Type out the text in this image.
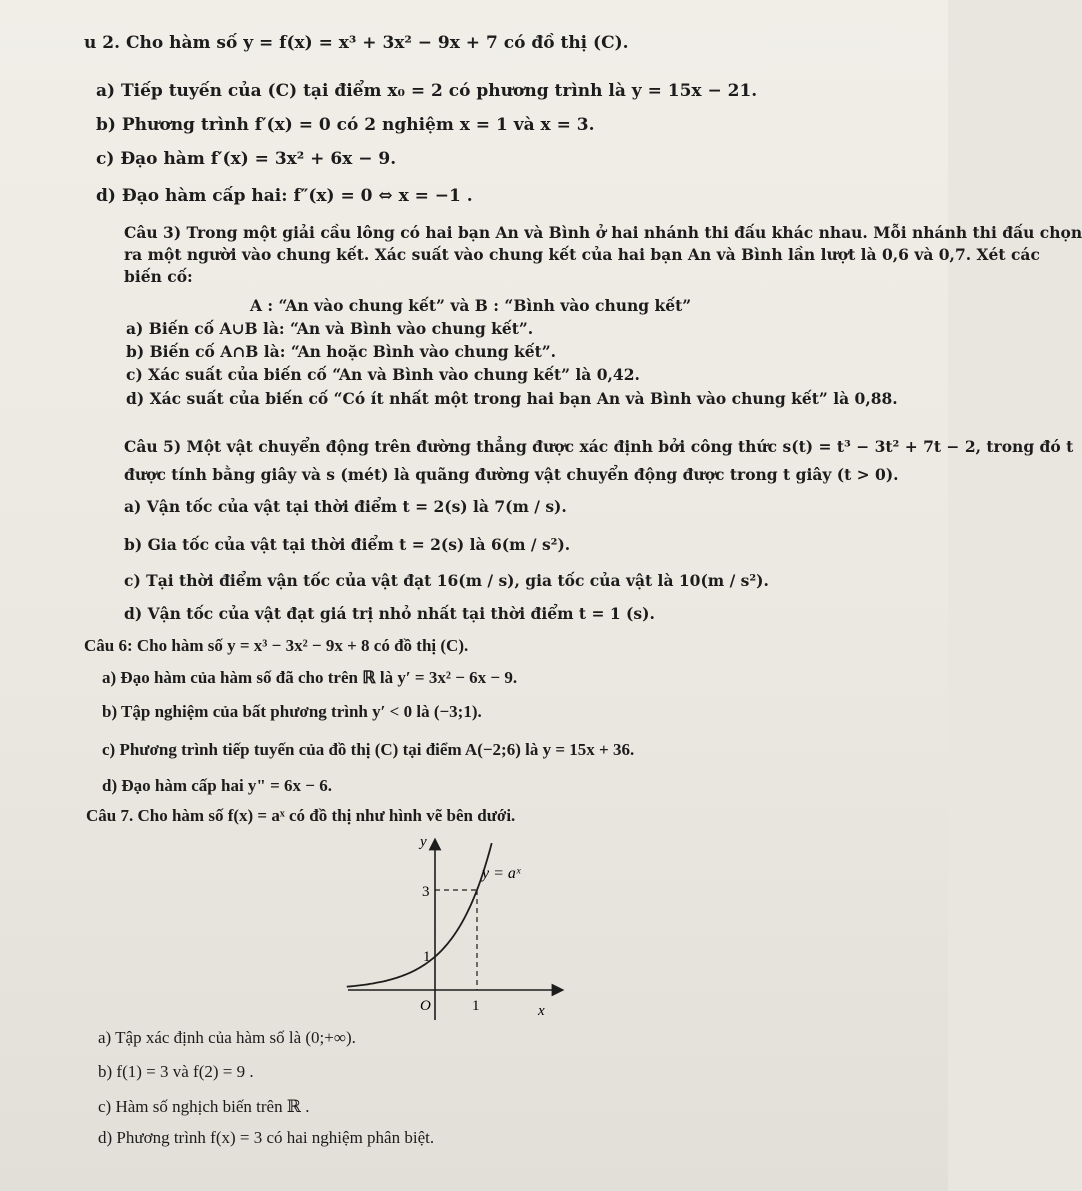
u 2. Cho hàm số y = f(x) = x³ + 3x² − 9x + 7 có đồ thị (C).
a) Tiếp tuyến của (C) tại điểm x₀ = 2 có phương trình là y = 15x − 21.
b) Phương trình f′(x) = 0 có 2 nghiệm x = 1 và x = 3.
c) Đạo hàm f′(x) = 3x² + 6x − 9.
d) Đạo hàm cấp hai: f″(x) = 0 ⇔ x = −1 .
Câu 3) Trong một giải cầu lông có hai bạn An và Bình ở hai nhánh thi đấu khác nhau. Mỗi nhánh thi đấu chọn
ra một người vào chung kết. Xác suất vào chung kết của hai bạn An và Bình lần lượt là 0,6 và 0,7. Xét các
biến cố:
A : “An vào chung kết” và B : “Bình vào chung kết”
a) Biến cố A∪B là: “An và Bình vào chung kết”.
b) Biến cố A∩B là: “An hoặc Bình vào chung kết”.
c) Xác suất của biến cố “An và Bình vào chung kết” là 0,42.
d) Xác suất của biến cố “Có ít nhất một trong hai bạn An và Bình vào chung kết” là 0,88.
Câu 5) Một vật chuyển động trên đường thẳng được xác định bởi công thức s(t) = t³ − 3t² + 7t − 2, trong đó t
được tính bằng giây và s (mét) là quãng đường vật chuyển động được trong t giây (t > 0).
a) Vận tốc của vật tại thời điểm t = 2(s) là 7(m / s).
b) Gia tốc của vật tại thời điểm t = 2(s) là 6(m / s²).
c) Tại thời điểm vận tốc của vật đạt 16(m / s), gia tốc của vật là 10(m / s²).
d) Vận tốc của vật đạt giá trị nhỏ nhất tại thời điểm t = 1 (s).
Câu 6: Cho hàm số y = x³ − 3x² − 9x + 8 có đồ thị (C).
a) Đạo hàm của hàm số đã cho trên ℝ là y′ = 3x² − 6x − 9.
b) Tập nghiệm của bất phương trình y′ < 0 là (−3;1).
c) Phương trình tiếp tuyến của đồ thị (C) tại điểm A(−2;6) là y = 15x + 36.
d) Đạo hàm cấp hai y" = 6x − 6.
Câu 7. Cho hàm số f(x) = aˣ có đồ thị như hình vẽ bên dưới.
y
x
y = aˣ
3
1
O	1
a) Tập xác định của hàm số là (0;+∞).
b) f(1) = 3 và f(2) = 9 .
c) Hàm số nghịch biến trên ℝ .
d) Phương trình f(x) = 3 có hai nghiệm phân biệt.
